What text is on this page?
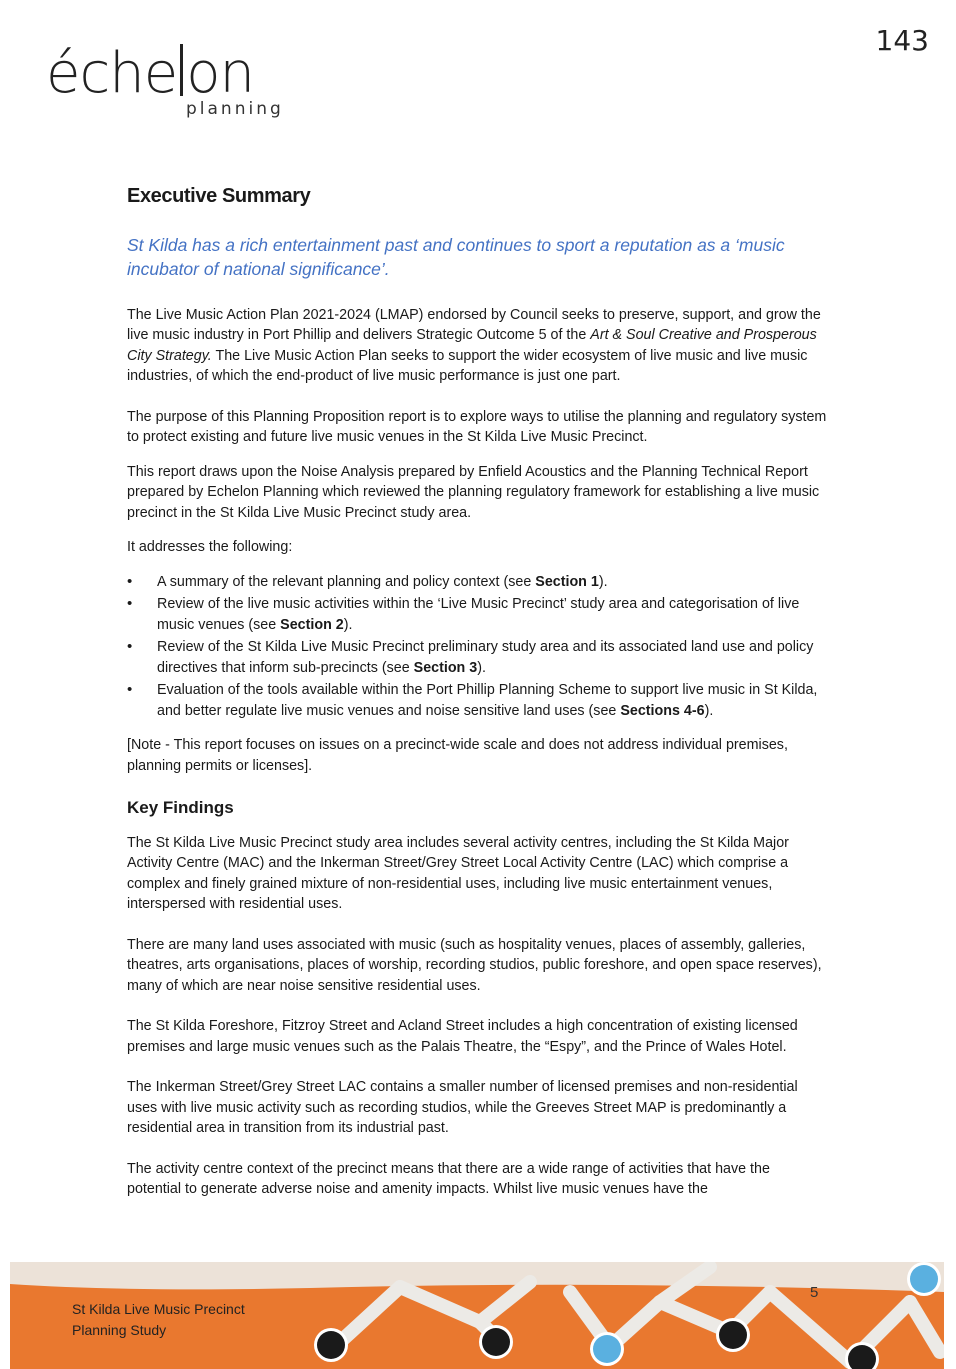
143
éche on
planning
Executive Summary

St Kilda has a rich entertainment past and continues to sport a reputation as a ‘music incubator of national significance’.

The Live Music Action Plan 2021-2024 (LMAP) endorsed by Council seeks to preserve, support, and grow the live music industry in Port Phillip and delivers Strategic Outcome 5 of the Art & Soul Creative and Prosperous City Strategy. The Live Music Action Plan seeks to support the wider ecosystem of live music and live music industries, of which the end-product of live music performance is just one part.

The purpose of this Planning Proposition report is to explore ways to utilise the planning and regulatory system to protect existing and future live music venues in the St Kilda Live Music Precinct.

This report draws upon the Noise Analysis prepared by Enfield Acoustics and the Planning Technical Report prepared by Echelon Planning which reviewed the planning regulatory framework for establishing a live music precinct in the St Kilda Live Music Precinct study area.

It addresses the following:

• A summary of the relevant planning and policy context (see Section 1).
• Review of the live music activities within the ‘Live Music Precinct’ study area and categorisation of live music venues (see Section 2).
• Review of the St Kilda Live Music Precinct preliminary study area and its associated land use and policy directives that inform sub-precincts (see Section 3).
• Evaluation of the tools available within the Port Phillip Planning Scheme to support live music in St Kilda, and better regulate live music venues and noise sensitive land uses (see Sections 4-6).

[Note - This report focuses on issues on a precinct-wide scale and does not address individual premises, planning permits or licenses].

Key Findings

The St Kilda Live Music Precinct study area includes several activity centres, including the St Kilda Major Activity Centre (MAC) and the Inkerman Street/Grey Street Local Activity Centre (LAC) which comprise a complex and finely grained mixture of non-residential uses, including live music entertainment venues, interspersed with residential uses.

There are many land uses associated with music (such as hospitality venues, places of assembly, galleries, theatres, arts organisations, places of worship, recording studios, public foreshore, and open space reserves), many of which are near noise sensitive residential uses.

The St Kilda Foreshore, Fitzroy Street and Acland Street includes a high concentration of existing licensed premises and large music venues such as the Palais Theatre, the “Espy”, and the Prince of Wales Hotel.

The Inkerman Street/Grey Street LAC contains a smaller number of licensed premises and non-residential uses with live music activity such as recording studios, while the Greeves Street MAP is predominantly a residential area in transition from its industrial past.

The activity centre context of the precinct means that there are a wide range of activities that have the potential to generate adverse noise and amenity impacts. Whilst live music venues have the

St Kilda Live Music Precinct
Planning Study
5
